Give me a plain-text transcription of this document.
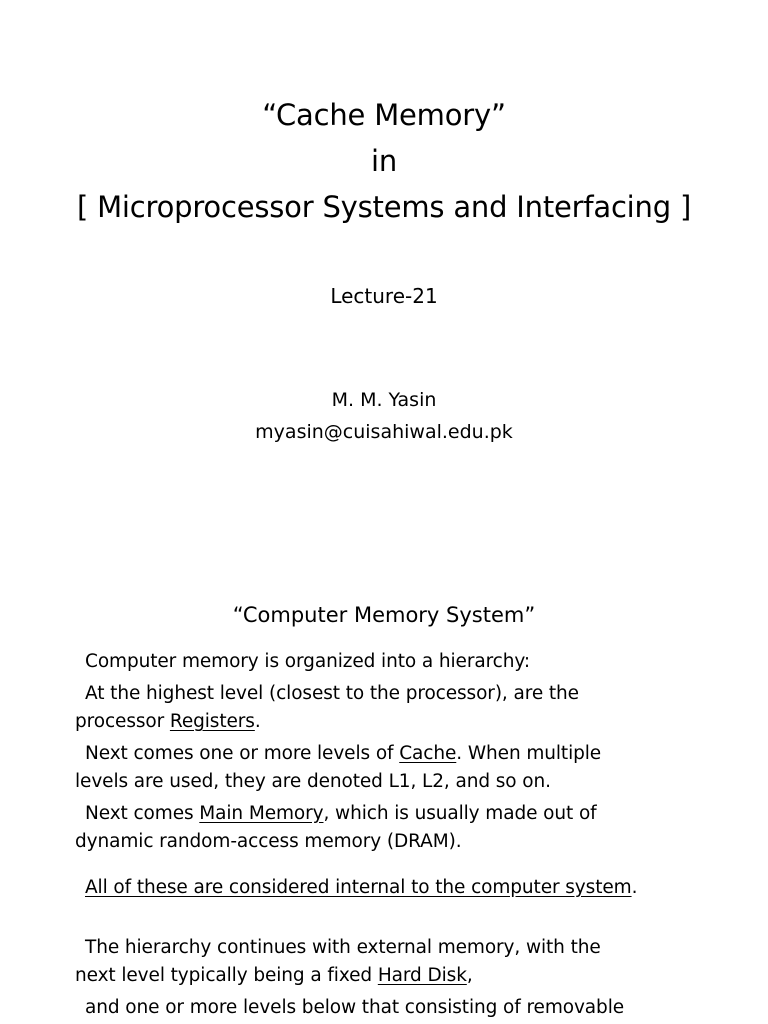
“Cache Memory”
in
[ Microprocessor Systems and Interfacing ]
Lecture-21
M. M. Yasin
myasin@cuisahiwal.edu.pk
“Computer Memory System”
Computer memory is organized into a hierarchy:
At the highest level (closest to the processor), are the
processor Registers.
Next comes one or more levels of Cache. When multiple
levels are used, they are denoted L1, L2, and so on.
Next comes Main Memory, which is usually made out of
dynamic random-access memory (DRAM).
All of these are considered internal to the computer system.
The hierarchy continues with external memory, with the
next level typically being a fixed Hard Disk,
and one or more levels below that consisting of removable
